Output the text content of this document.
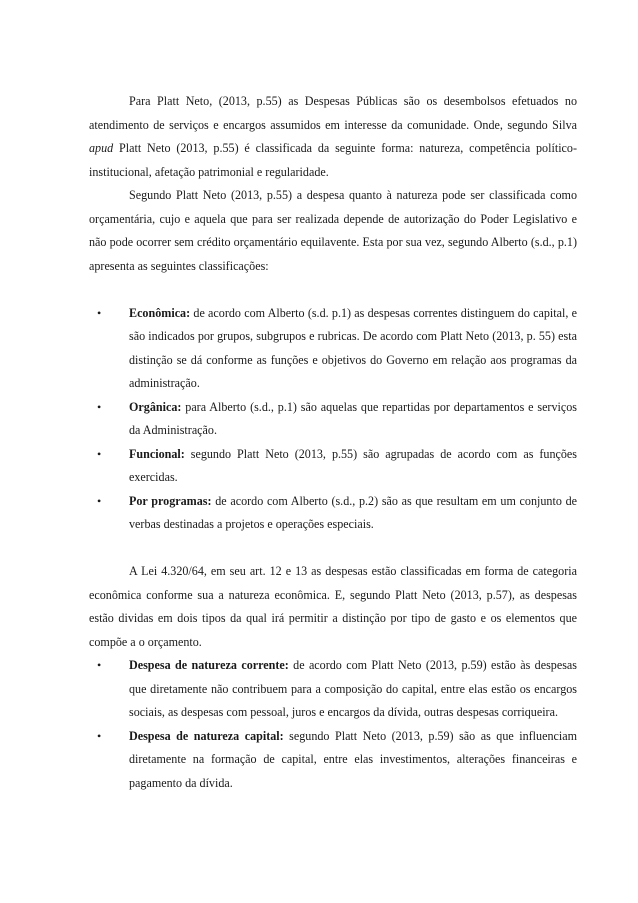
Para Platt Neto, (2013, p.55) as Despesas Públicas são os desembolsos efetuados no atendimento de serviços e encargos assumidos em interesse da comunidade. Onde, segundo Silva apud Platt Neto (2013, p.55) é classificada da seguinte forma: natureza, competência político-institucional, afetação patrimonial e regularidade.

Segundo Platt Neto (2013, p.55) a despesa quanto à natureza pode ser classificada como orçamentária, cujo e aquela que para ser realizada depende de autorização do Poder Legislativo e não pode ocorrer sem crédito orçamentário equilavente. Esta por sua vez, segundo Alberto (s.d., p.1) apresenta as seguintes classificações:

• Econômica: de acordo com Alberto (s.d. p.1) as despesas correntes distinguem do capital, e são indicados por grupos, subgrupos e rubricas. De acordo com Platt Neto (2013, p. 55) esta distinção se dá conforme as funções e objetivos do Governo em relação aos programas da administração.
• Orgânica: para Alberto (s.d., p.1) são aquelas que repartidas por departamentos e serviços da Administração.
• Funcional: segundo Platt Neto (2013, p.55) são agrupadas de acordo com as funções exercidas.
• Por programas: de acordo com Alberto (s.d., p.2) são as que resultam em um conjunto de verbas destinadas a projetos e operações especiais.

A Lei 4.320/64, em seu art. 12 e 13 as despesas estão classificadas em forma de categoria econômica conforme sua a natureza econômica. E, segundo Platt Neto (2013, p.57), as despesas estão dividas em dois tipos da qual irá permitir a distinção por tipo de gasto e os elementos que compõe a o orçamento.

• Despesa de natureza corrente: de acordo com Platt Neto (2013, p.59) estão às despesas que diretamente não contribuem para a composição do capital, entre elas estão os encargos sociais, as despesas com pessoal, juros e encargos da dívida, outras despesas corriqueira.
• Despesa de natureza capital: segundo Platt Neto (2013, p.59) são as que influenciam diretamente na formação de capital, entre elas investimentos, alterações financeiras e pagamento da dívida.
